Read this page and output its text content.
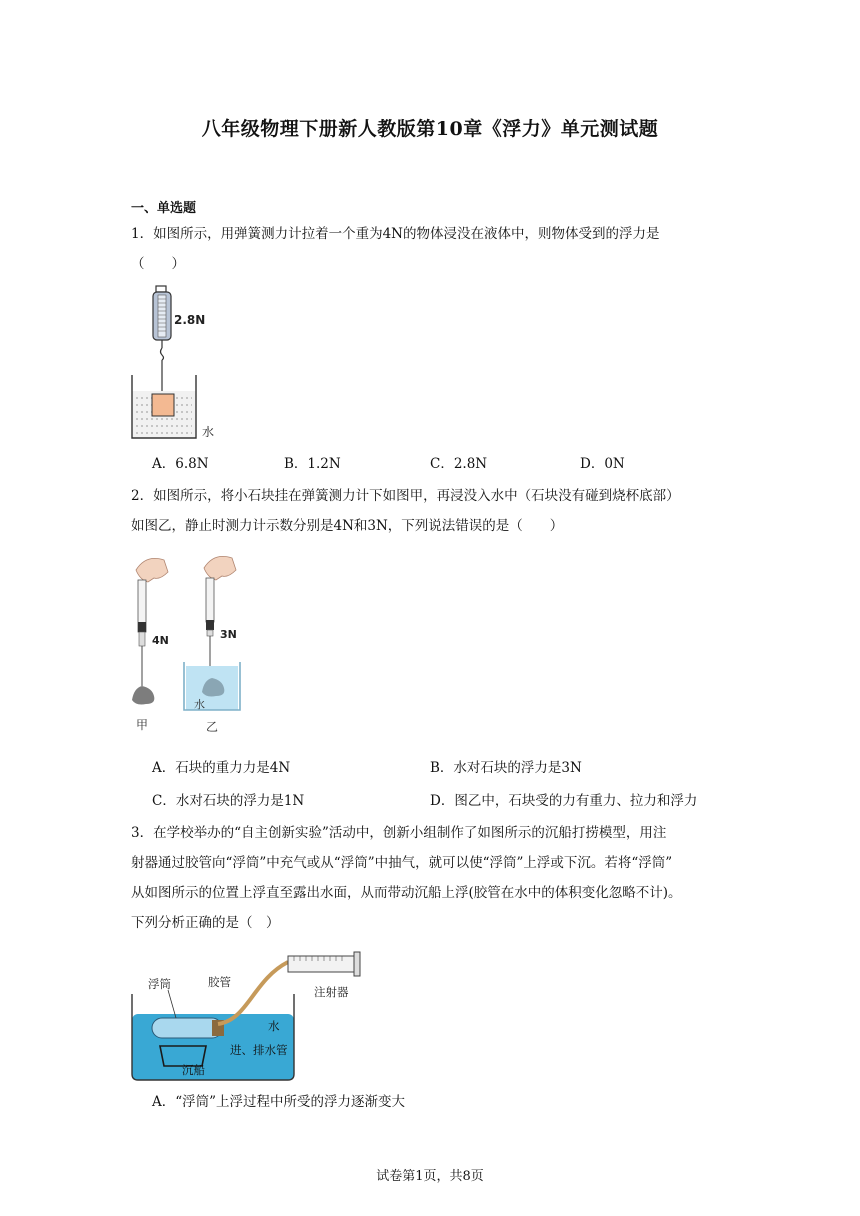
八年级物理下册新人教版第10章《浮力》单元测试题
一、单选题
1．如图所示，用弹簧测力计拉着一个重为4N的物体浸没在液体中，则物体受到的浮力是
（　　）
2.8N
水
A．6.8N	B．1.2N	C．2.8N	D．0N
2．如图所示，将小石块挂在弹簧测力计下如图甲，再浸没入水中（石块没有碰到烧杯底部）
如图乙，静止时测力计示数分别是4N和3N，下列说法错误的是（　　）
4N
甲
3N
水
乙
A．石块的重力力是4N	B．水对石块的浮力是3N
C．水对石块的浮力是1N	D．图乙中，石块受的力有重力、拉力和浮力
3．在学校举办的“自主创新实验”活动中，创新小组制作了如图所示的沉船打捞模型，用注
射器通过胶管向“浮筒”中充气或从“浮筒”中抽气，就可以使“浮筒”上浮或下沉。若将“浮筒”
从如图所示的位置上浮直至露出水面，从而带动沉船上浮(胶管在水中的体积变化忽略不计)。
下列分析正确的是（　）
浮筒	胶管
注射器
水
进、排水管
沉船
A．“浮筒”上浮过程中所受的浮力逐渐变大
试卷第1页，共8页
